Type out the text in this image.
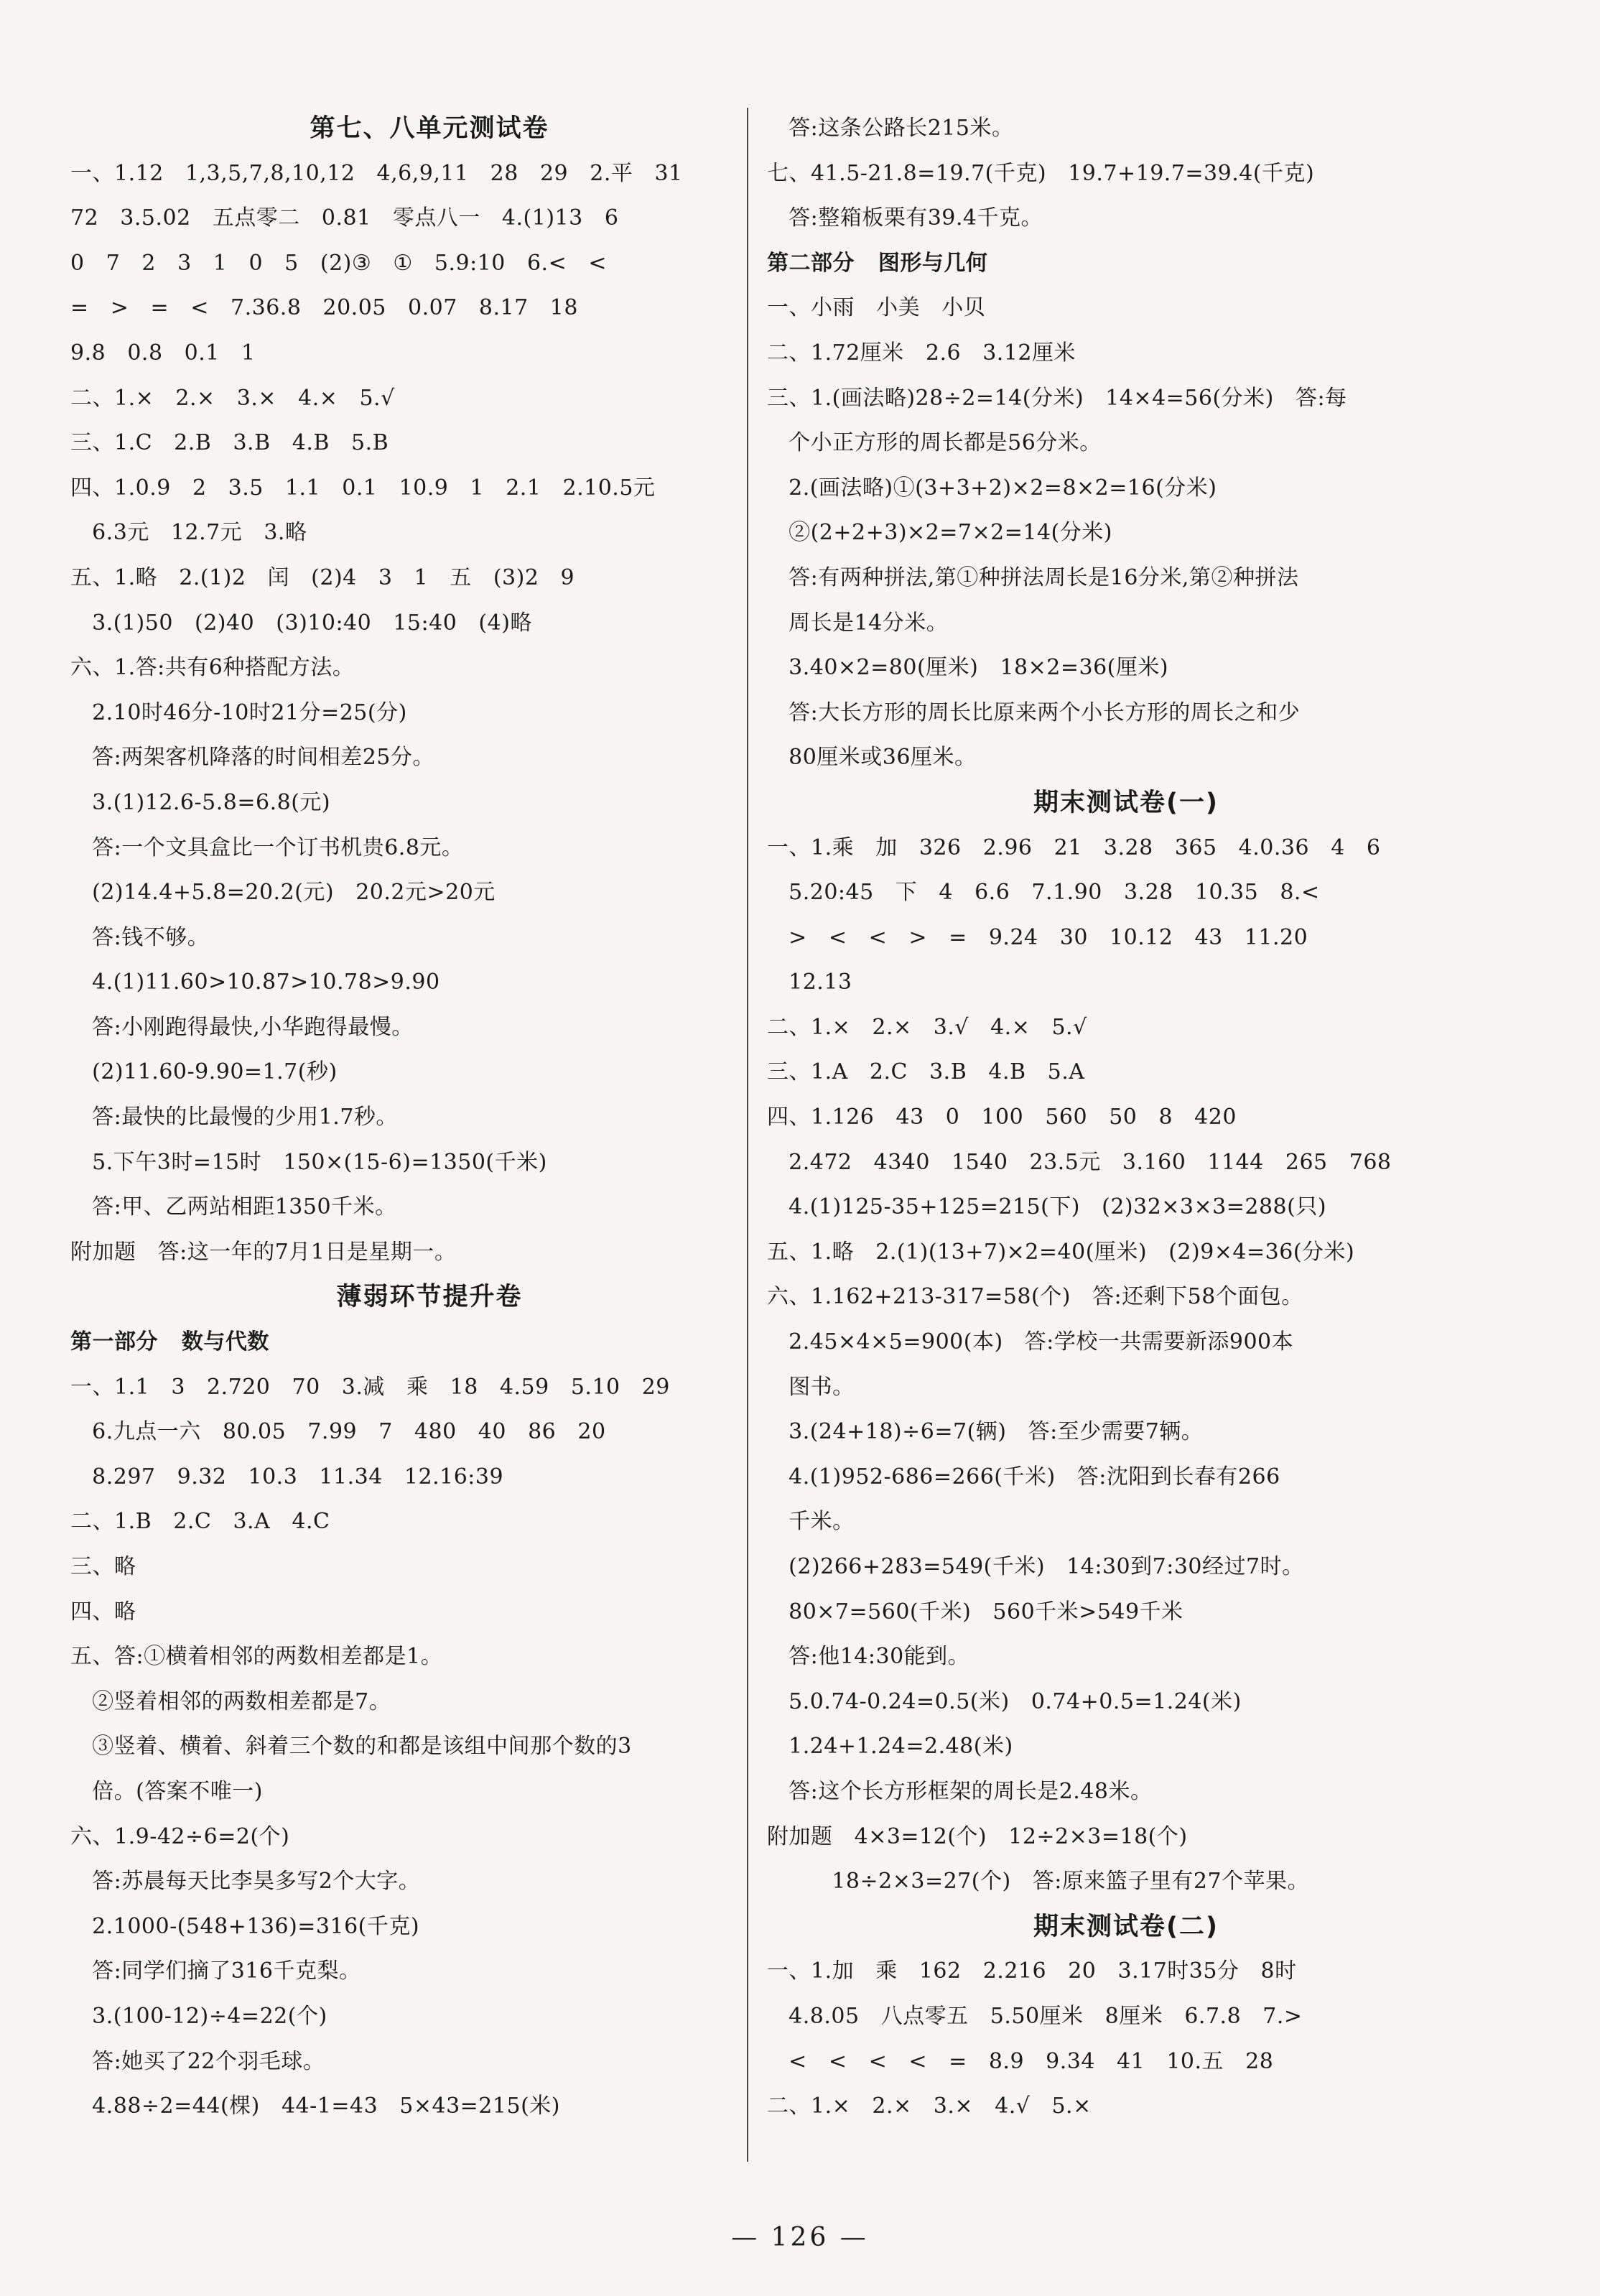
第七、八单元测试卷
一、1.12   1,3,5,7,8,10,12   4,6,9,11   28   29   2.平   31
72   3.5.02   五点零二   0.81   零点八一   4.(1)13   6
0   7   2   3   1   0   5   (2)③   ①   5.9:10   6.<   <
=   >   =   <   7.36.8   20.05   0.07   8.17   18
9.8   0.8   0.1   1
二、1.×   2.×   3.×   4.×   5.√
三、1.C   2.B   3.B   4.B   5.B
四、1.0.9   2   3.5   1.1   0.1   10.9   1   2.1   2.10.5元
6.3元   12.7元   3.略
五、1.略   2.(1)2   闰   (2)4   3   1   五   (3)2   9
3.(1)50   (2)40   (3)10:40   15:40   (4)略
六、1.答:共有6种搭配方法。
2.10时46分-10时21分=25(分)
答:两架客机降落的时间相差25分。
3.(1)12.6-5.8=6.8(元)
答:一个文具盒比一个订书机贵6.8元。
(2)14.4+5.8=20.2(元)   20.2元>20元
答:钱不够。
4.(1)11.60>10.87>10.78>9.90
答:小刚跑得最快,小华跑得最慢。
(2)11.60-9.90=1.7(秒)
答:最快的比最慢的少用1.7秒。
5.下午3时=15时   150×(15-6)=1350(千米)
答:甲、乙两站相距1350千米。
附加题   答:这一年的7月1日是星期一。
薄弱环节提升卷
第一部分   数与代数
一、1.1   3   2.720   70   3.减   乘   18   4.59   5.10   29
6.九点一六   80.05   7.99   7   480   40   86   20
8.297   9.32   10.3   11.34   12.16:39
二、1.B   2.C   3.A   4.C
三、略
四、略
五、答:①横着相邻的两数相差都是1。
②竖着相邻的两数相差都是7。
③竖着、横着、斜着三个数的和都是该组中间那个数的3
倍。(答案不唯一)
六、1.9-42÷6=2(个)
答:苏晨每天比李昊多写2个大字。
2.1000-(548+136)=316(千克)
答:同学们摘了316千克梨。
3.(100-12)÷4=22(个)
答:她买了22个羽毛球。
4.88÷2=44(棵)   44-1=43   5×43=215(米)
答:这条公路长215米。
七、41.5-21.8=19.7(千克)   19.7+19.7=39.4(千克)
答:整箱板栗有39.4千克。
第二部分   图形与几何
一、小雨   小美   小贝
二、1.72厘米   2.6   3.12厘米
三、1.(画法略)28÷2=14(分米)   14×4=56(分米)   答:每
个小正方形的周长都是56分米。
2.(画法略)①(3+3+2)×2=8×2=16(分米)
②(2+2+3)×2=7×2=14(分米)
答:有两种拼法,第①种拼法周长是16分米,第②种拼法
周长是14分米。
3.40×2=80(厘米)   18×2=36(厘米)
答:大长方形的周长比原来两个小长方形的周长之和少
80厘米或36厘米。
期末测试卷(一)
一、1.乘   加   326   2.96   21   3.28   365   4.0.36   4   6
5.20:45   下   4   6.6   7.1.90   3.28   10.35   8.<
>   <   <   >   =   9.24   30   10.12   43   11.20
12.13
二、1.×   2.×   3.√   4.×   5.√
三、1.A   2.C   3.B   4.B   5.A
四、1.126   43   0   100   560   50   8   420
2.472   4340   1540   23.5元   3.160   1144   265   768
4.(1)125-35+125=215(下)   (2)32×3×3=288(只)
五、1.略   2.(1)(13+7)×2=40(厘米)   (2)9×4=36(分米)
六、1.162+213-317=58(个)   答:还剩下58个面包。
2.45×4×5=900(本)   答:学校一共需要新添900本
图书。
3.(24+18)÷6=7(辆)   答:至少需要7辆。
4.(1)952-686=266(千米)   答:沈阳到长春有266
千米。
(2)266+283=549(千米)   14:30到7:30经过7时。
80×7=560(千米)   560千米>549千米
答:他14:30能到。
5.0.74-0.24=0.5(米)   0.74+0.5=1.24(米)
1.24+1.24=2.48(米)
答:这个长方形框架的周长是2.48米。
附加题   4×3=12(个)   12÷2×3=18(个)
18÷2×3=27(个)   答:原来篮子里有27个苹果。
期末测试卷(二)
一、1.加   乘   162   2.216   20   3.17时35分   8时
4.8.05   八点零五   5.50厘米   8厘米   6.7.8   7.>
<   <   <   <   =   8.9   9.34   41   10.五   28
二、1.×   2.×   3.×   4.√   5.×
— 126 —
